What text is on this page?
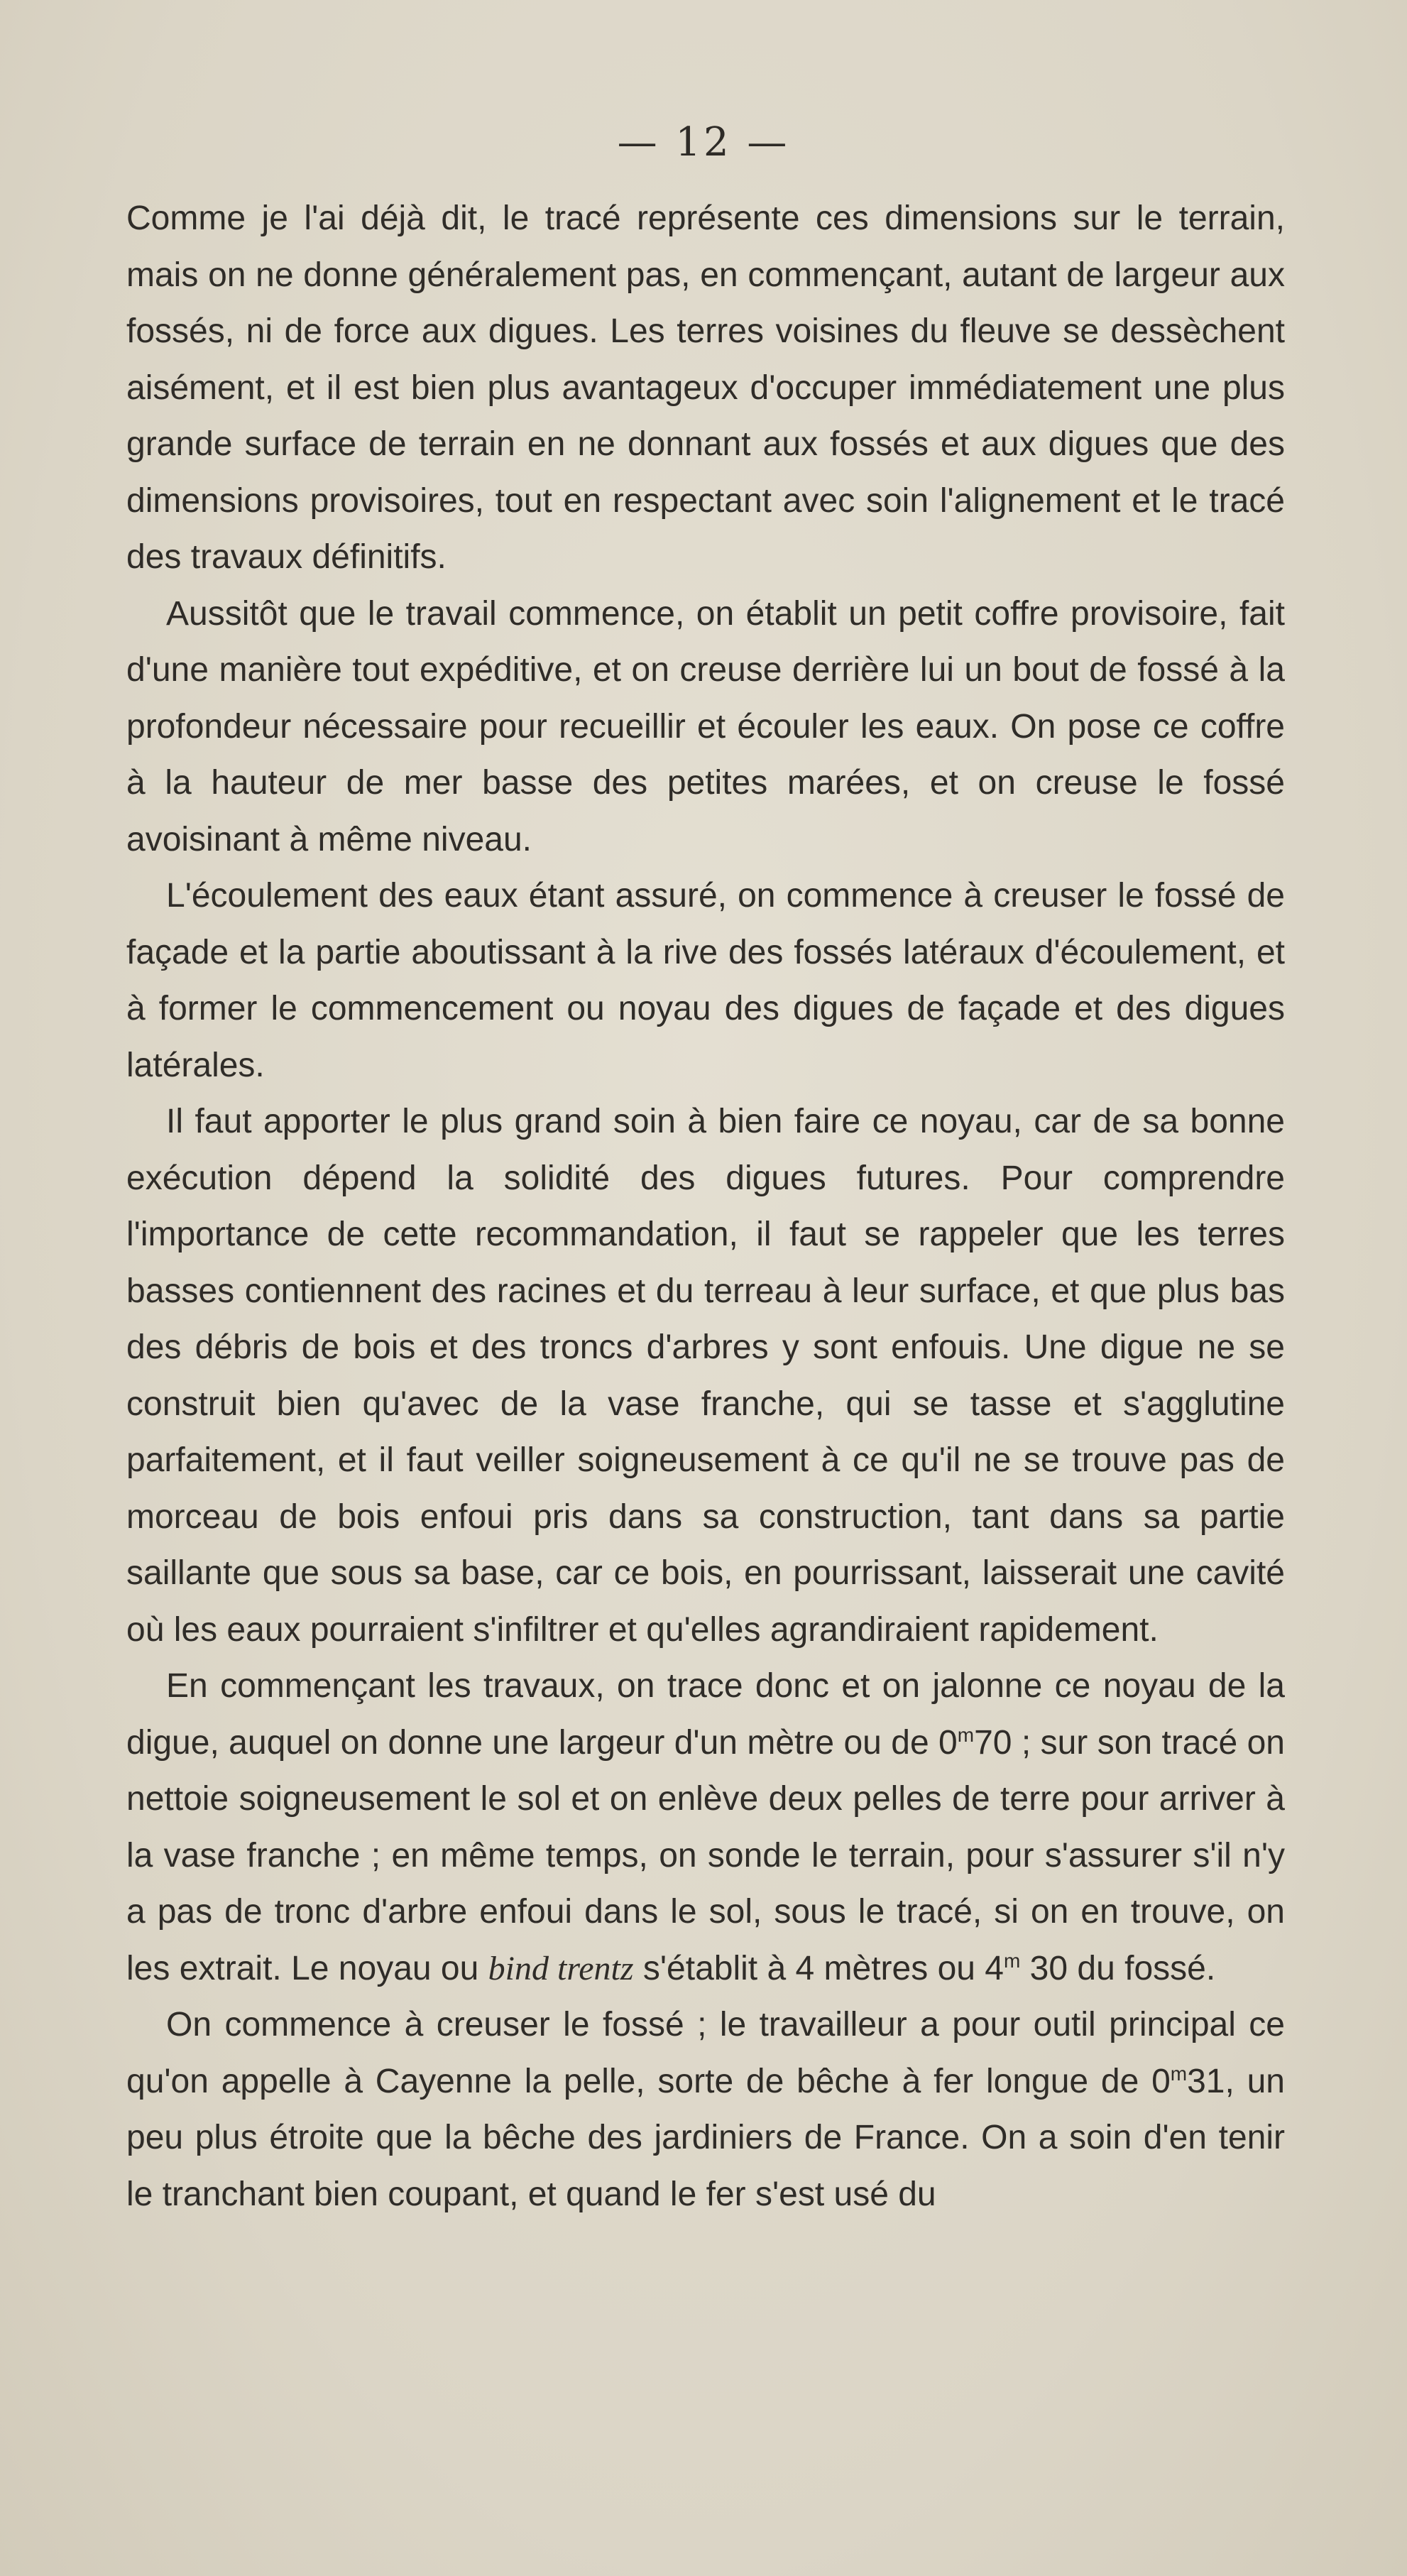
— 12 —

Comme je l'ai déjà dit, le tracé représente ces dimensions sur le terrain, mais on ne donne généralement pas, en commençant, autant de largeur aux fossés, ni de force aux digues. Les terres voisines du fleuve se dessèchent aisément, et il est bien plus avantageux d'occuper immédiatement une plus grande surface de terrain en ne donnant aux fossés et aux digues que des dimensions provisoires, tout en respectant avec soin l'alignement et le tracé des travaux définitifs.

Aussitôt que le travail commence, on établit un petit coffre provisoire, fait d'une manière tout expéditive, et on creuse derrière lui un bout de fossé à la profondeur nécessaire pour recueillir et écouler les eaux. On pose ce coffre à la hauteur de mer basse des petites marées, et on creuse le fossé avoisinant à même niveau.

L'écoulement des eaux étant assuré, on commence à creuser le fossé de façade et la partie aboutissant à la rive des fossés latéraux d'écoulement, et à former le commencement ou noyau des digues de façade et des digues latérales.

Il faut apporter le plus grand soin à bien faire ce noyau, car de sa bonne exécution dépend la solidité des digues futures. Pour comprendre l'importance de cette recommandation, il faut se rappeler que les terres basses contiennent des racines et du terreau à leur surface, et que plus bas des débris de bois et des troncs d'arbres y sont enfouis. Une digue ne se construit bien qu'avec de la vase franche, qui se tasse et s'agglutine parfaitement, et il faut veiller soigneusement à ce qu'il ne se trouve pas de morceau de bois enfoui pris dans sa construction, tant dans sa partie saillante que sous sa base, car ce bois, en pourrissant, laisserait une cavité où les eaux pourraient s'infiltrer et qu'elles agrandiraient rapidement.

En commençant les travaux, on trace donc et on jalonne ce noyau de la digue, auquel on donne une largeur d'un mètre ou de 0$^m$70 ; sur son tracé on nettoie soigneusement le sol et on enlève deux pelles de terre pour arriver à la vase franche ; en même temps, on sonde le terrain, pour s'assurer s'il n'y a pas de tronc d'arbre enfoui dans le sol, sous le tracé, si on en trouve, on les extrait. Le noyau ou bind trentz s'établit à 4 mètres ou 4$^m$ 30 du fossé.

On commence à creuser le fossé ; le travailleur a pour outil principal ce qu'on appelle à Cayenne la pelle, sorte de bêche à fer longue de 0$^m$31, un peu plus étroite que la bêche des jardiniers de France. On a soin d'en tenir le tranchant bien coupant, et quand le fer s'est usé du
